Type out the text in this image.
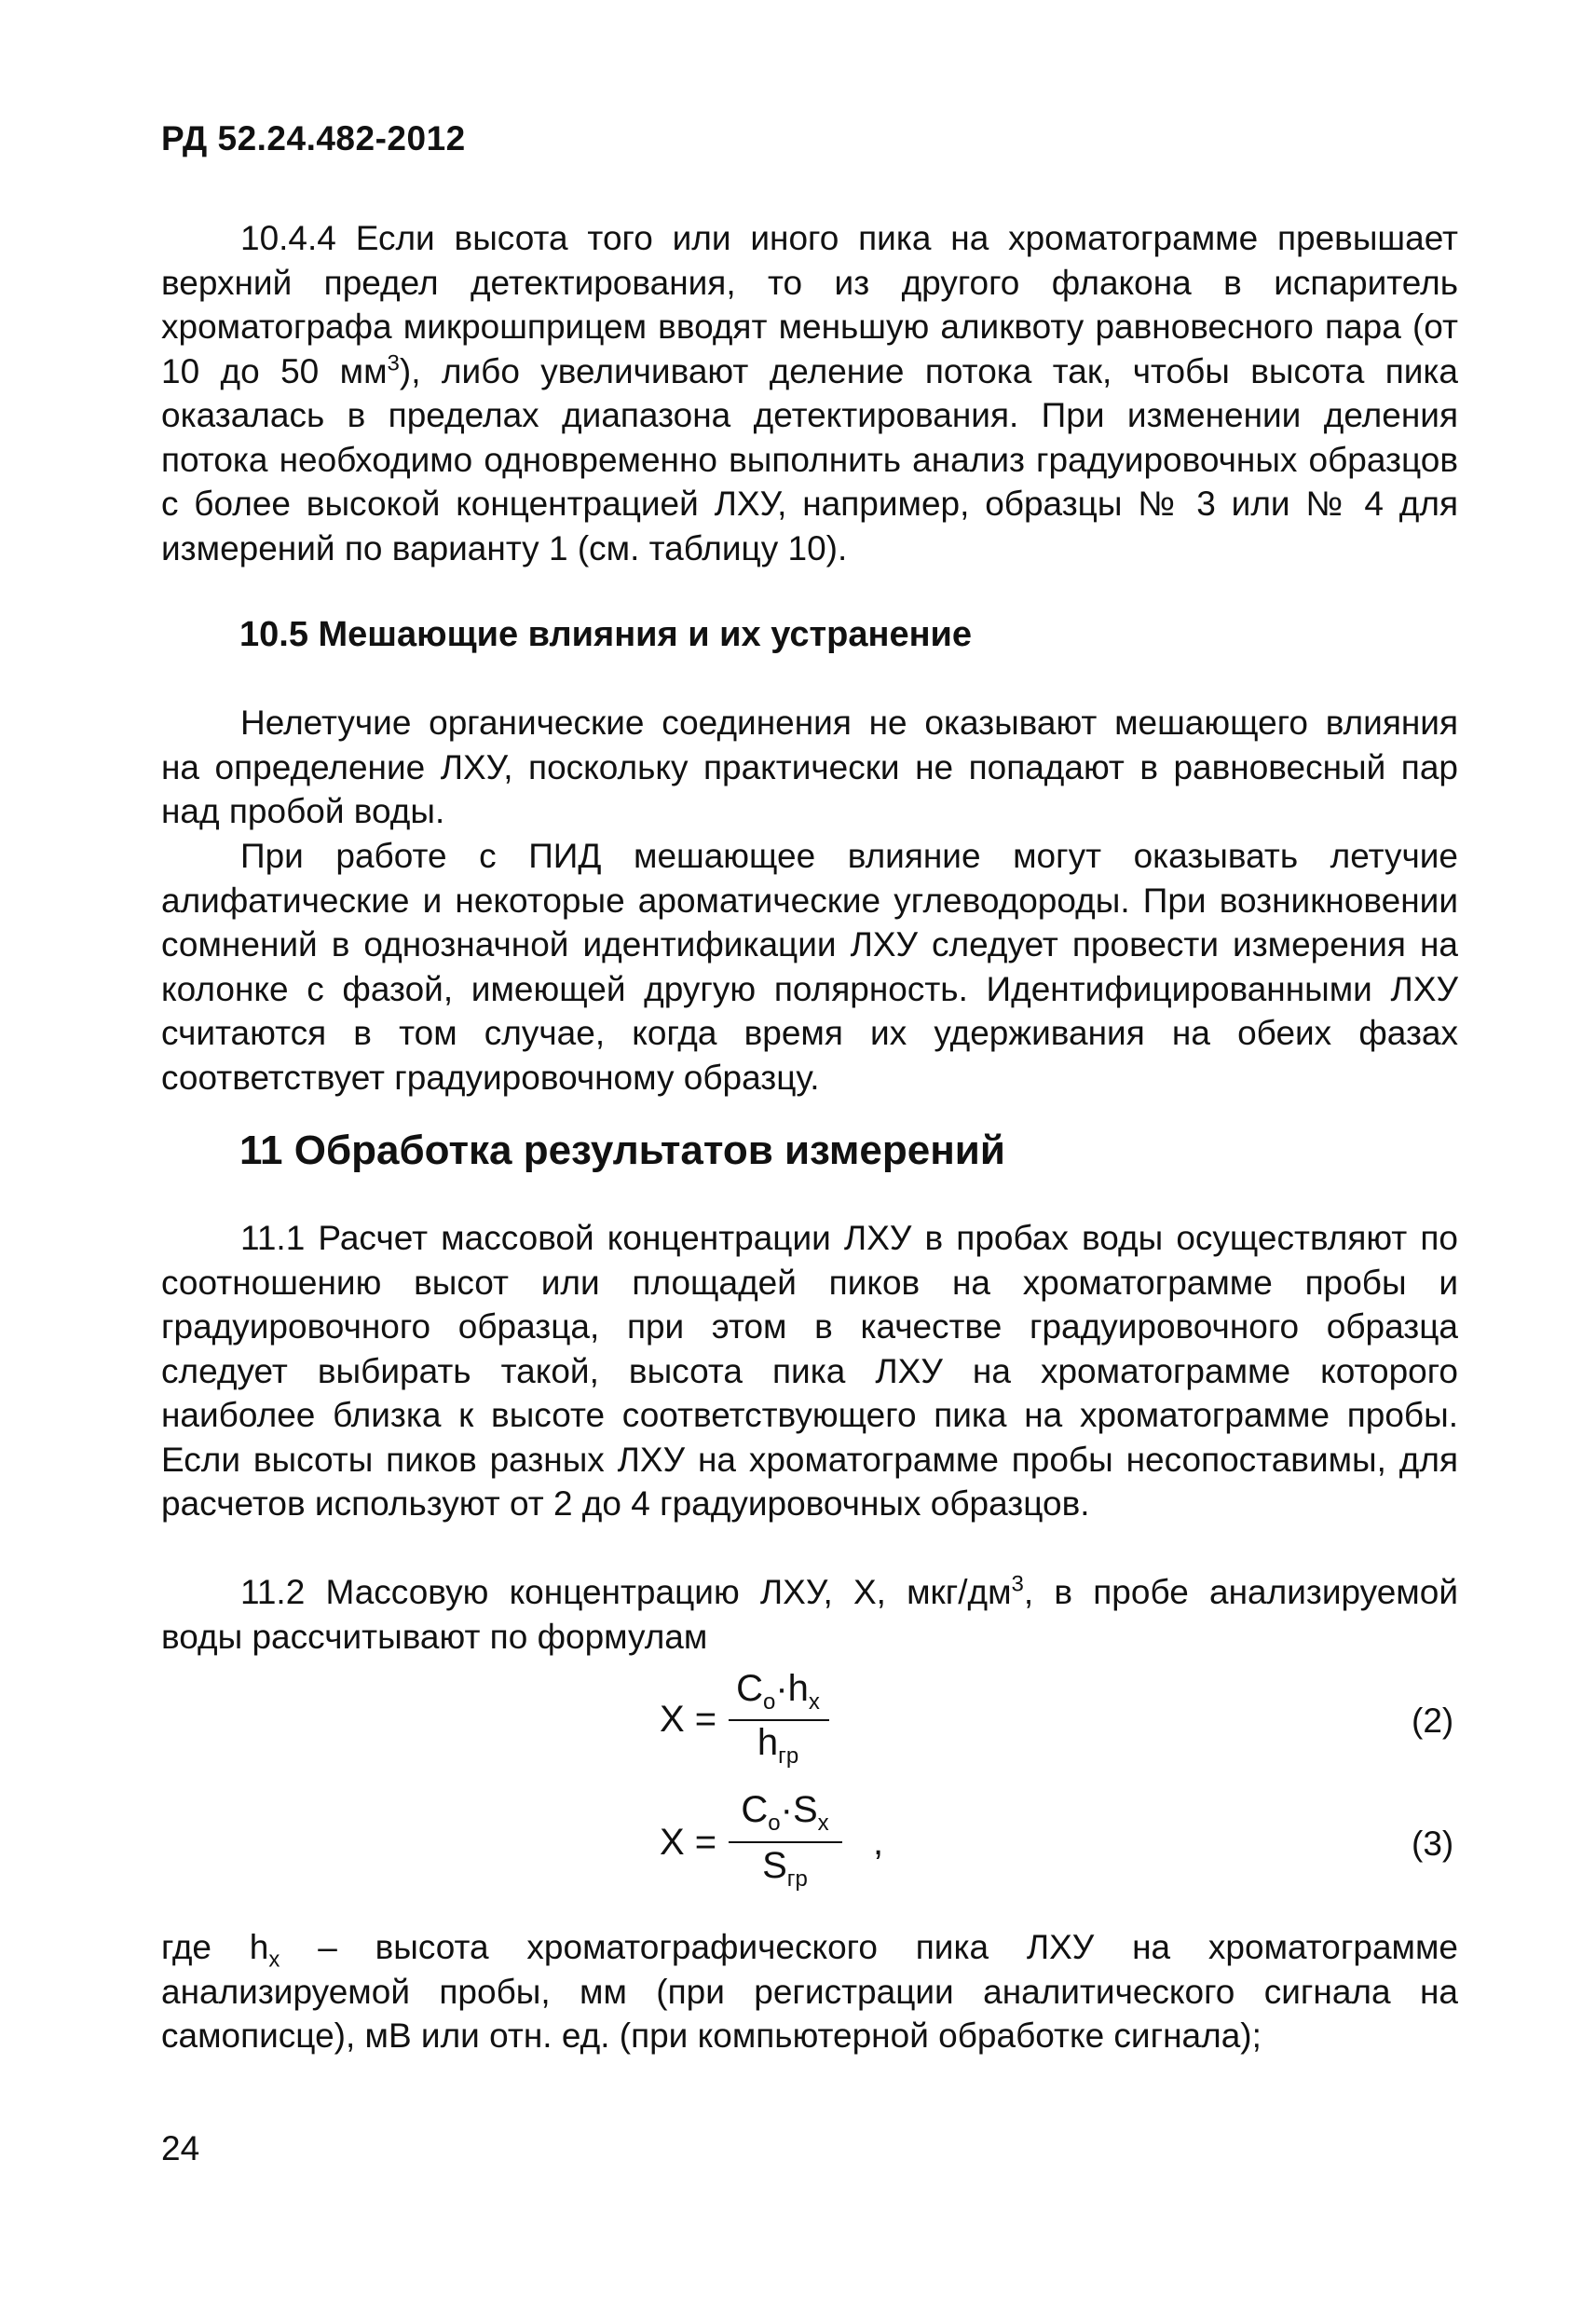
РД 52.24.482-2012
10.4.4 Если высота того или иного пика на хроматограмме превышает верхний предел детектирования, то из другого флакона в испаритель хроматографа микрошприцем вводят меньшую аликвоту равновесного пара (от 10 до 50 $мм^3$), либо увеличивают деление потока так, чтобы высота пика оказалась в пределах диапазона детектирования. При изменении деления потока необходимо одновременно выполнить анализ градуировочных образцов с более высокой концентрацией ЛХУ, например, образцы № 3 или № 4 для измерений по варианту 1 (см. таблицу 10).
10.5 Мешающие влияния и их устранение
Нелетучие органические соединения не оказывают мешающего влияния на определение ЛХУ, поскольку практически не попадают в равновесный пар над пробой воды.
При работе с ПИД мешающее влияние могут оказывать летучие алифатические и некоторые ароматические углеводороды. При возникновении сомнений в однозначной идентификации ЛХУ следует провести измерения на колонке с фазой, имеющей другую полярность. Идентифицированными ЛХУ считаются в том случае, когда время их удерживания на обеих фазах соответствует градуировочному образцу.
11 Обработка результатов измерений
11.1 Расчет массовой концентрации ЛХУ в пробах воды осуществляют по соотношению высот или площадей пиков на хроматограмме пробы и градуировочного образца, при этом в качестве градуировочного образца следует выбирать такой, высота пика ЛХУ на хроматограмме которого наиболее близка к высоте соответствующего пика на хроматограмме пробы. Если высоты пиков разных ЛХУ на хроматограмме пробы несопоставимы, для расчетов используют от 2 до 4 градуировочных образцов.
11.2 Массовую концентрацию ЛХУ, X, мкг/$дм^3$, в пробе анализируемой воды рассчитывают по формулам
X =
$C_o\cdot h_x$
$h_{гр}$
(2)
X =
$C_o\cdot S_x$
$S_{гр}$
,	(3)
где $h_x$ – высота хроматографического пика ЛХУ на хроматограмме анализируемой пробы, мм (при регистрации аналитического сигнала на самописце), мВ или отн. ед. (при компьютерной обработке сигнала);
24
